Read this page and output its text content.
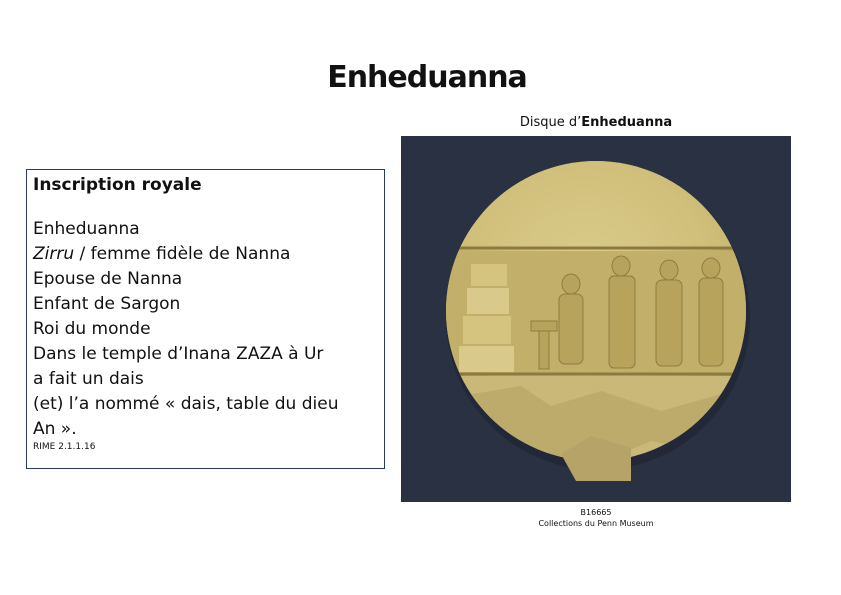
Enheduanna
Disque d’Enheduanna
Inscription royale

Enheduanna

Zirru / femme fidèle de Nanna

Epouse de Nanna

Enfant de Sargon

Roi du monde

Dans le temple d’Inana ZAZA à Ur

a fait un dais

(et) l’a nommé « dais, table du dieu

An ».

RIME 2.1.1.16
B16665
Collections du Penn Museum
